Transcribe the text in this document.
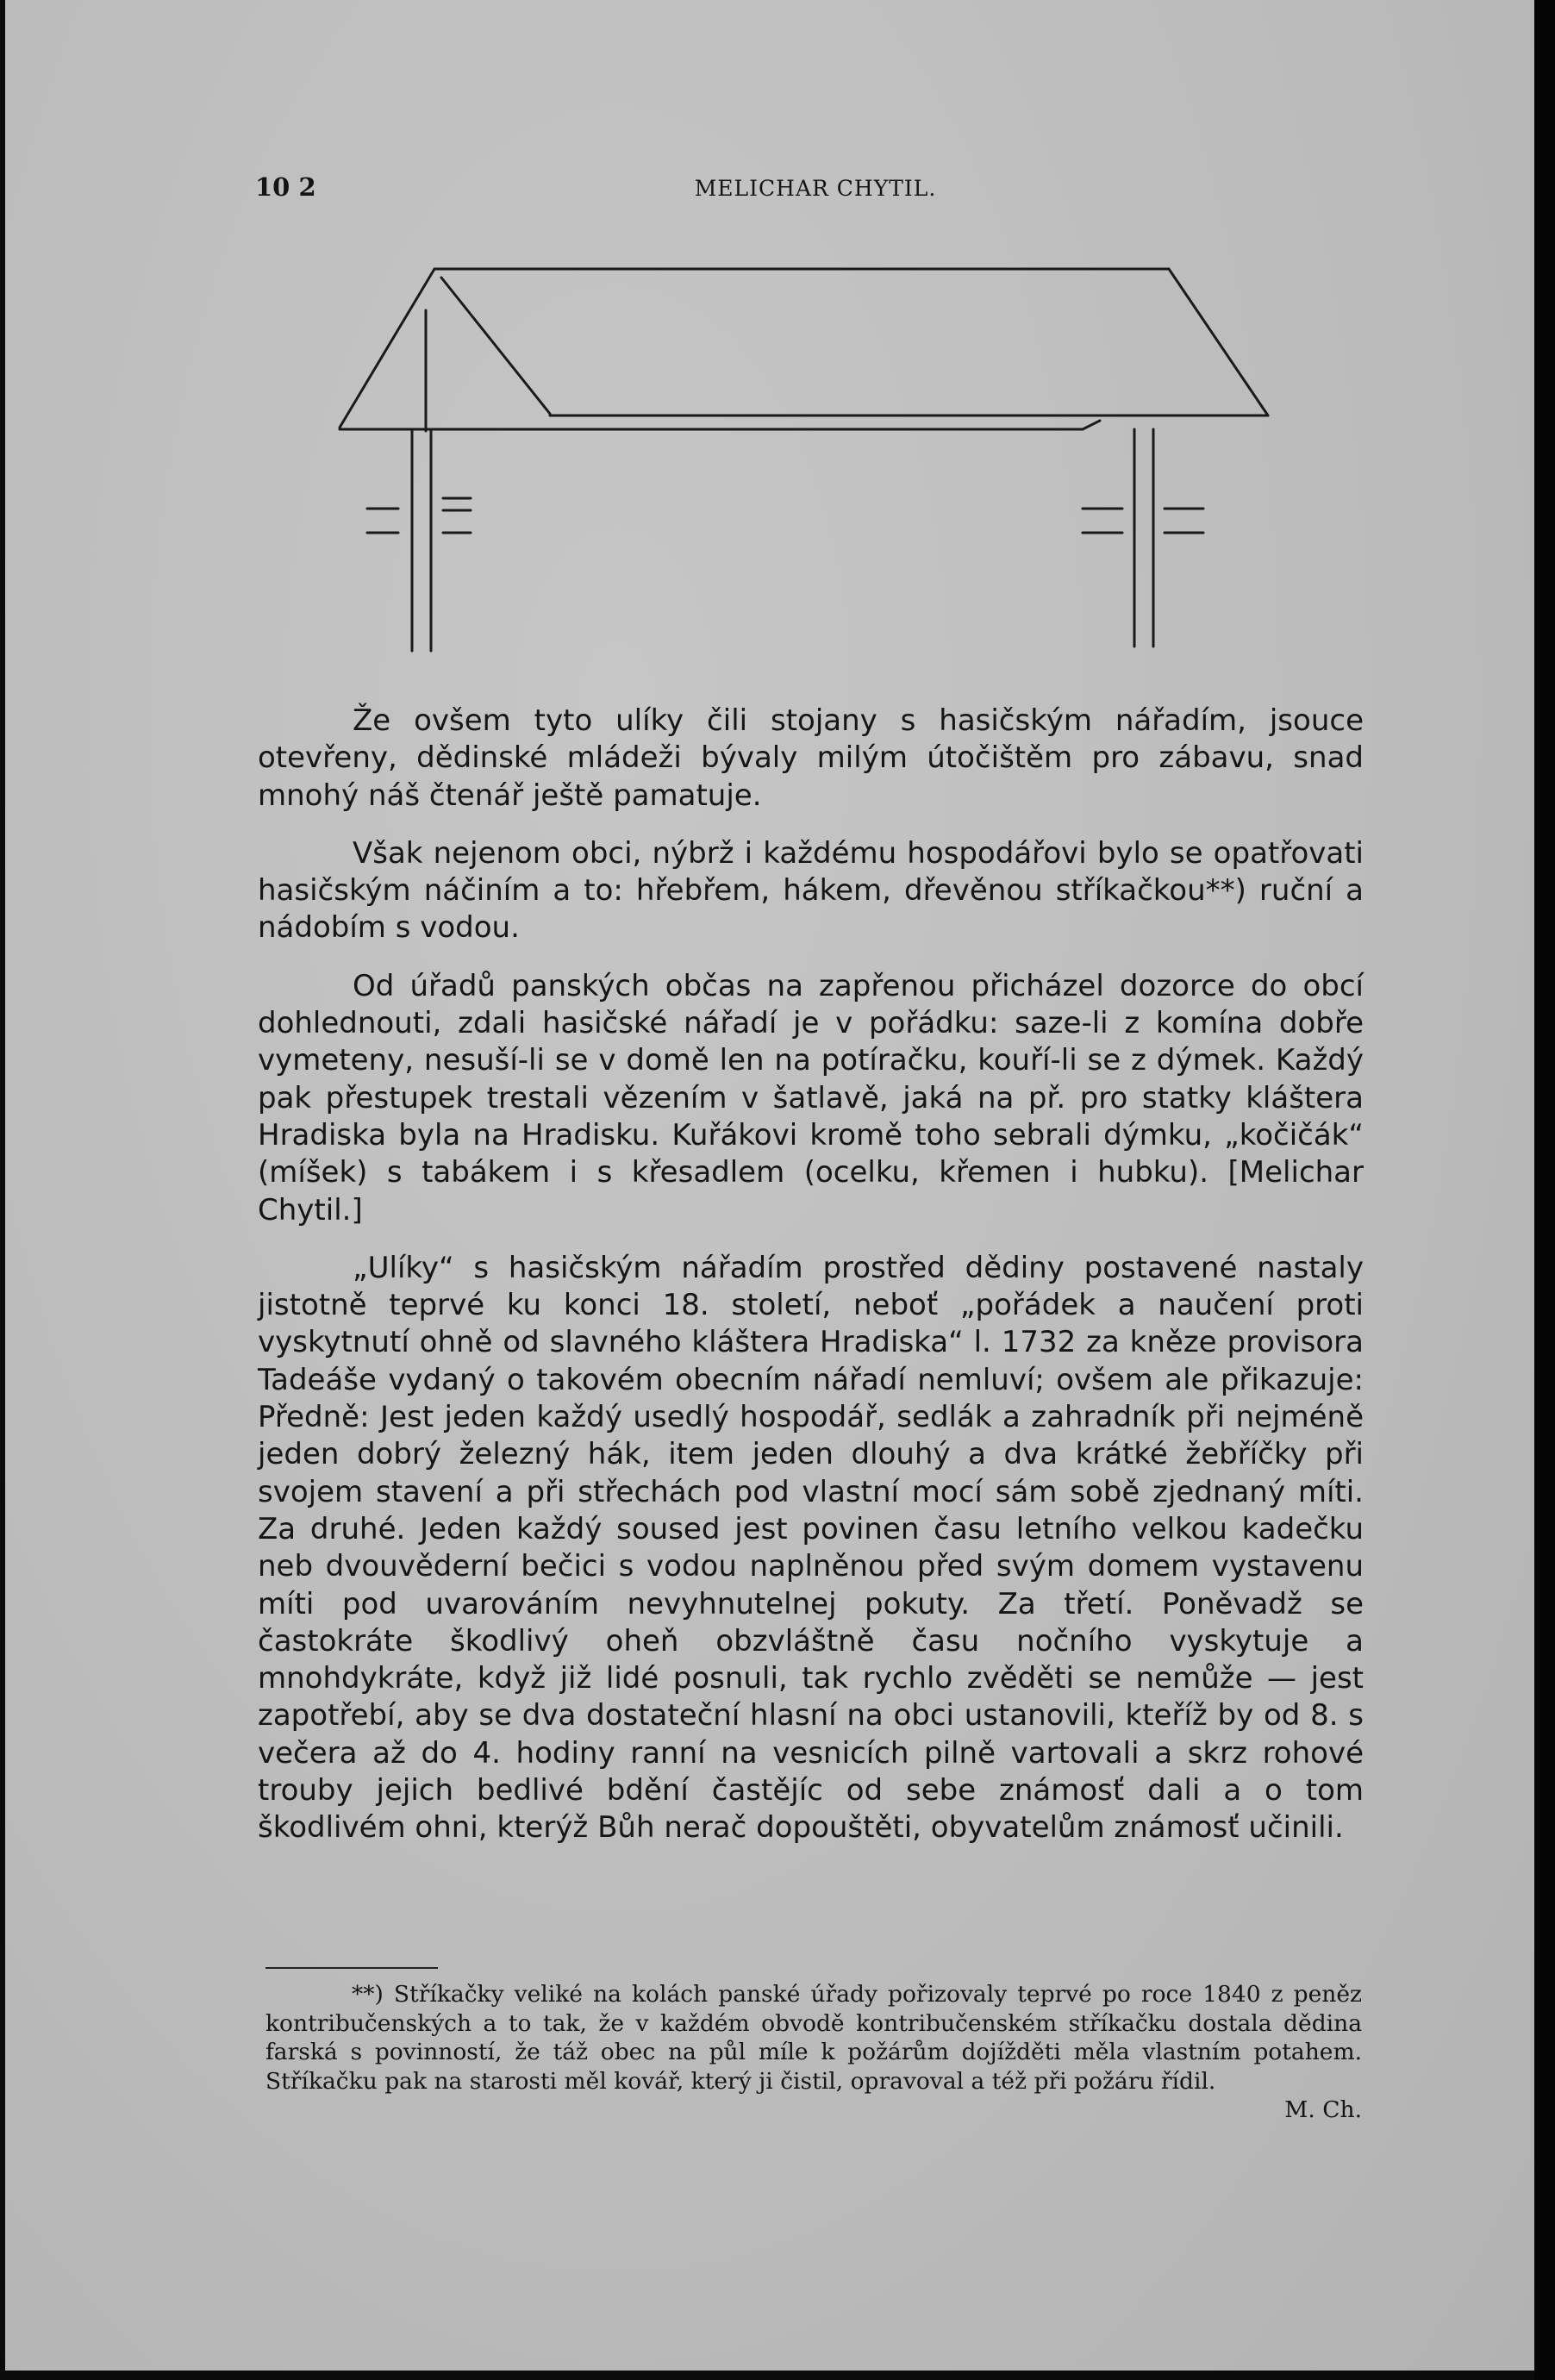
10 2	MELICHAR CHYTIL.

Že ovšem tyto ulíky čili stojany s hasičským nářadím, jsouce otevřeny, dědinské mládeži bývaly milým útočištěm pro zábavu, snad mnohý náš čtenář ještě pamatuje.

Však nejenom obci, nýbrž i každému hospodářovi bylo se opatřovati hasičským náčiním a to: hřebřem, hákem, dřevěnou stříkačkou**) ruční a nádobím s vodou.

Od úřadů panských občas na zapřenou přicházel dozorce do obcí dohlednouti, zdali hasičské nářadí je v pořádku: saze-li z komína dobře vymeteny, nesuší-li se v domě len na potíračku, kouří-li se z dýmek. Každý pak přestupek trestali vězením v šatlavě, jaká na př. pro statky kláštera Hradiska byla na Hradisku. Kuřákovi kromě toho sebrali dýmku, „kočičák“ (míšek) s tabákem i s křesadlem (ocelku, křemen i hubku). [Melichar Chytil.]

„Ulíky“ s hasičským nářadím prostřed dědiny postavené nastaly jistotně teprvé ku konci 18. století, neboť „pořádek a naučení proti vyskytnutí ohně od slavného kláštera Hradiska“ l. 1732 za kněze provisora Tadeáše vydaný o takovém obecním nářadí nemluví; ovšem ale přikazuje: Předně: Jest jeden každý usedlý hospodář, sedlák a zahradník při nejméně jeden dobrý železný hák, item jeden dlouhý a dva krátké žebříčky při svojem stavení a při střechách pod vlastní mocí sám sobě zjednaný míti. Za druhé. Jeden každý soused jest povinen času letního velkou kadečku neb dvouvěderní bečici s vodou naplněnou před svým domem vystavenu míti pod uvarováním nevyhnutelnej pokuty. Za třetí. Poněvadž se častokráte škodlivý oheň obzvláštně času nočního vyskytuje a mnohdykráte, když již lidé posnuli, tak rychlo zvěděti se nemůže — jest zapotřebí, aby se dva dostateční hlasní na obci ustanovili, kteříž by od 8. s večera až do 4. hodiny ranní na vesnicích pilně vartovali a skrz rohové trouby jejich bedlivé bdění častějíc od sebe známosť dali a o tom škodlivém ohni, kterýž Bůh nerač dopouštěti, obyvatelům známosť učinili.

**) Stříkačky veliké na kolách panské úřady pořizovaly teprvé po roce 1840 z peněz kontribučenských a to tak, že v každém obvodě kontribučenském stříkačku dostala dědina farská s povinností, že táž obec na půl míle k požárům dojížděti měla vlastním potahem. Stříkačku pak na starosti měl kovář, který ji čistil, opravoval a též při požáru řídil.

M. Ch.
